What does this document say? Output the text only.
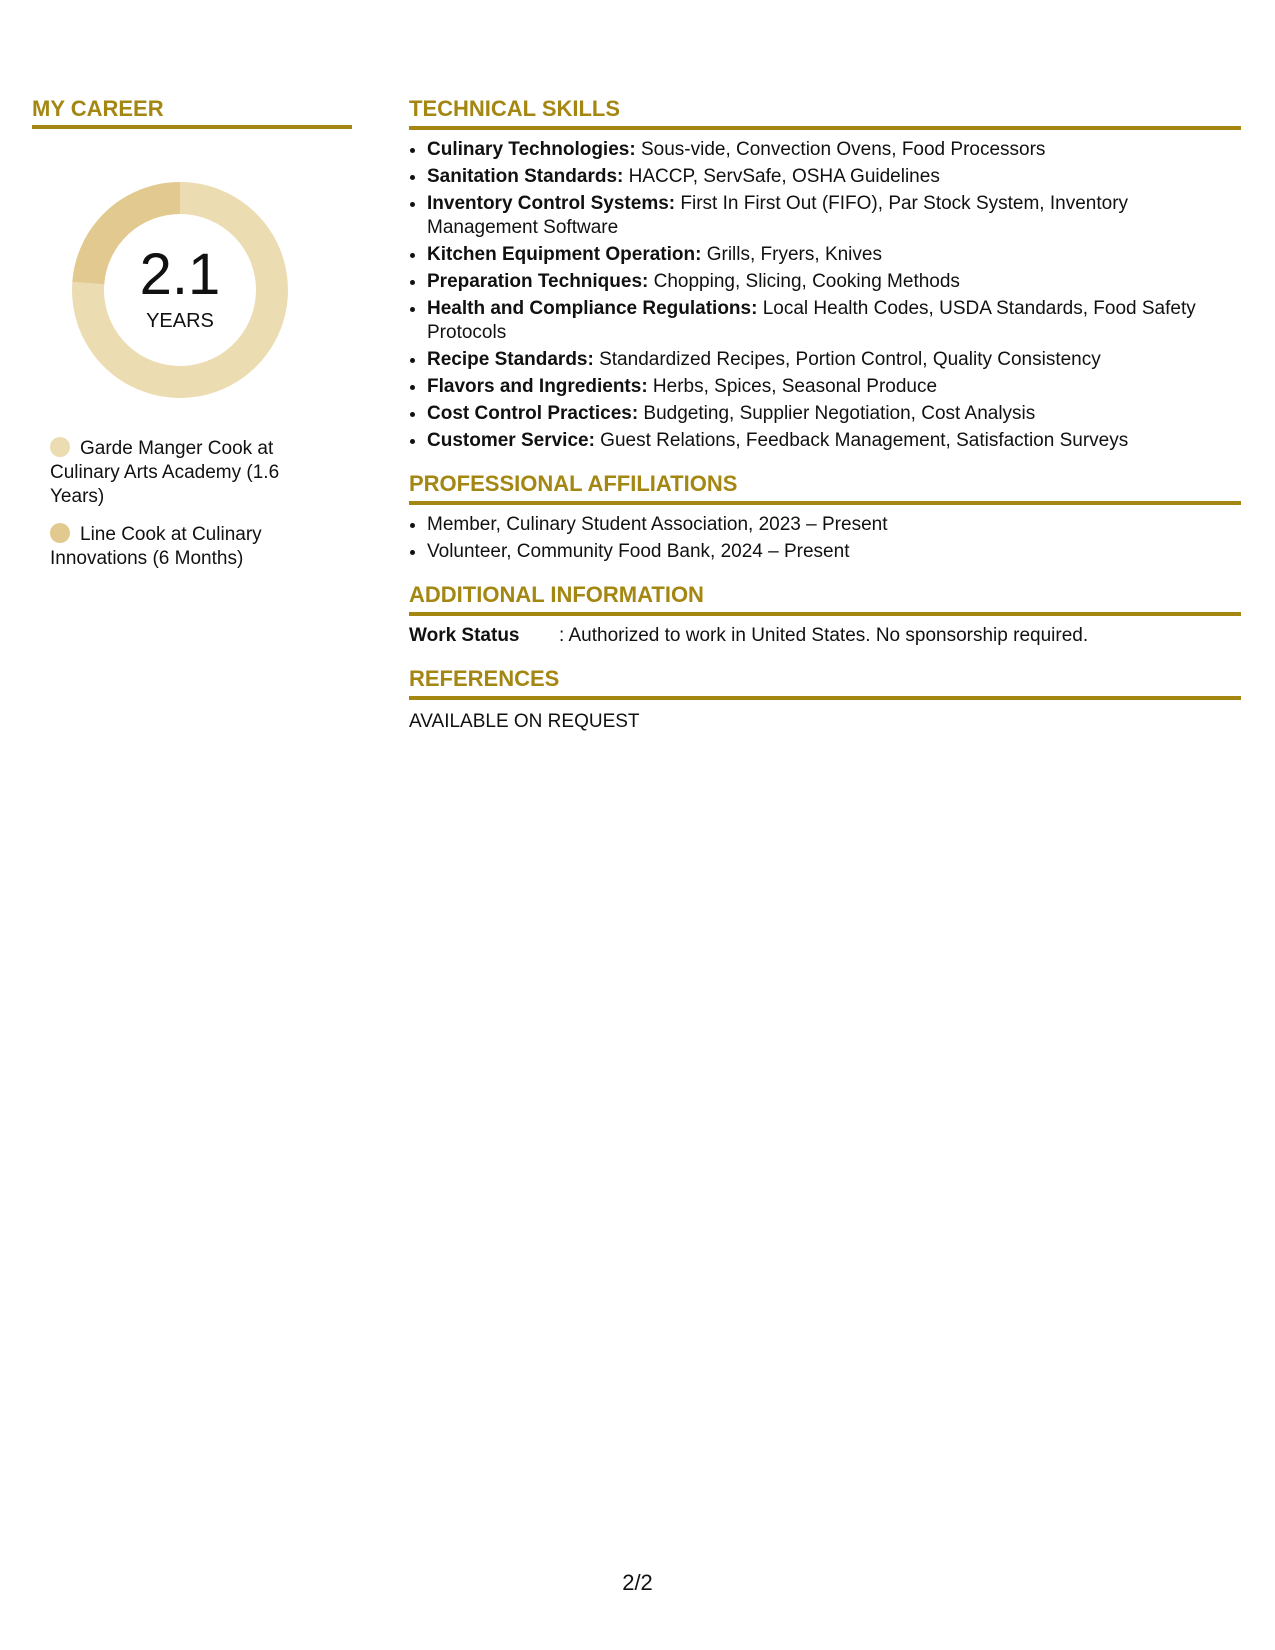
MY CAREER
2.1
YEARS
Garde Manger Cook at Culinary Arts Academy (1.6 Years)
Line Cook at Culinary Innovations (6 Months)
TECHNICAL SKILLS
• Culinary Technologies: Sous-vide, Convection Ovens, Food Processors
• Sanitation Standards: HACCP, ServSafe, OSHA Guidelines
• Inventory Control Systems: First In First Out (FIFO), Par Stock System, Inventory Management Software
• Kitchen Equipment Operation: Grills, Fryers, Knives
• Preparation Techniques: Chopping, Slicing, Cooking Methods
• Health and Compliance Regulations: Local Health Codes, USDA Standards, Food Safety Protocols
• Recipe Standards: Standardized Recipes, Portion Control, Quality Consistency
• Flavors and Ingredients: Herbs, Spices, Seasonal Produce
• Cost Control Practices: Budgeting, Supplier Negotiation, Cost Analysis
• Customer Service: Guest Relations, Feedback Management, Satisfaction Surveys
PROFESSIONAL AFFILIATIONS
• Member, Culinary Student Association, 2023 – Present
• Volunteer, Community Food Bank, 2024 – Present
ADDITIONAL INFORMATION
Work Status	: Authorized to work in United States. No sponsorship required.
REFERENCES
AVAILABLE ON REQUEST
2/2
